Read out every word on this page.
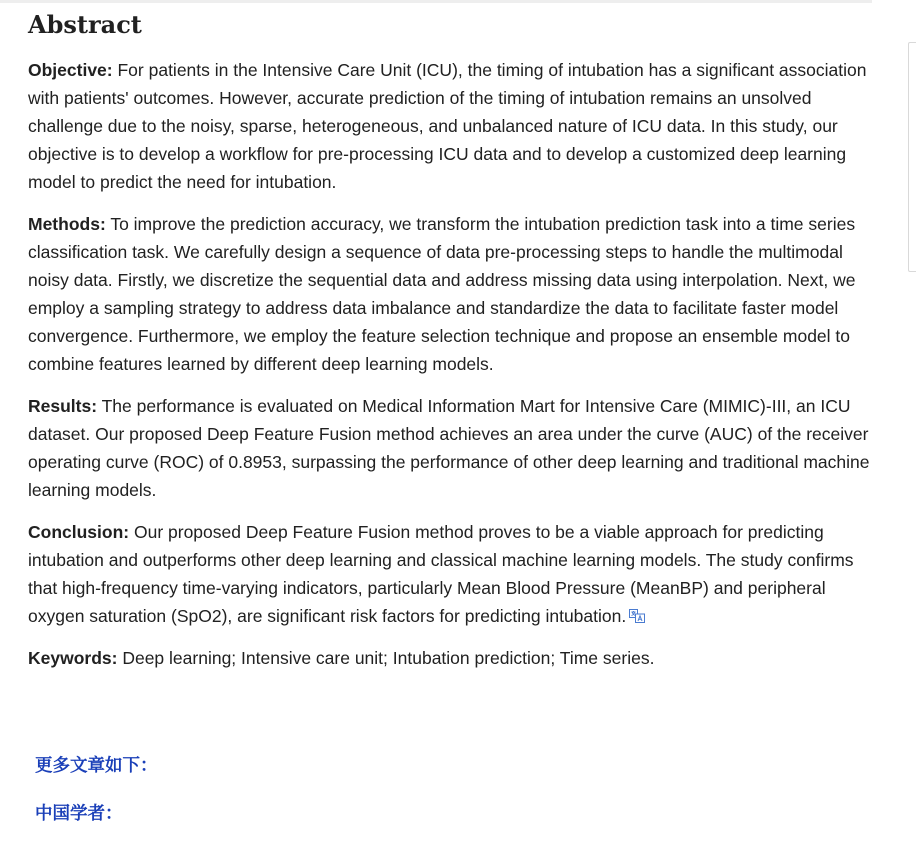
Abstract

Objective: For patients in the Intensive Care Unit (ICU), the timing of intubation has a significant association with patients' outcomes. However, accurate prediction of the timing of intubation remains an unsolved challenge due to the noisy, sparse, heterogeneous, and unbalanced nature of ICU data. In this study, our objective is to develop a workflow for pre-processing ICU data and to develop a customized deep learning model to predict the need for intubation.

Methods: To improve the prediction accuracy, we transform the intubation prediction task into a time series classification task. We carefully design a sequence of data pre-processing steps to handle the multimodal noisy data. Firstly, we discretize the sequential data and address missing data using interpolation. Next, we employ a sampling strategy to address data imbalance and standardize the data to facilitate faster model convergence. Furthermore, we employ the feature selection technique and propose an ensemble model to combine features learned by different deep learning models.

Results: The performance is evaluated on Medical Information Mart for Intensive Care (MIMIC)-III, an ICU dataset. Our proposed Deep Feature Fusion method achieves an area under the curve (AUC) of the receiver operating curve (ROC) of 0.8953, surpassing the performance of other deep learning and traditional machine learning models.

Conclusion: Our proposed Deep Feature Fusion method proves to be a viable approach for predicting intubation and outperforms other deep learning and classical machine learning models. The study confirms that high-frequency time-varying indicators, particularly Mean Blood Pressure (MeanBP) and peripheral oxygen saturation (SpO2), are significant risk factors for predicting intubation.

Keywords: Deep learning; Intensive care unit; Intubation prediction; Time series.

更多文章如下：

中国学者：
